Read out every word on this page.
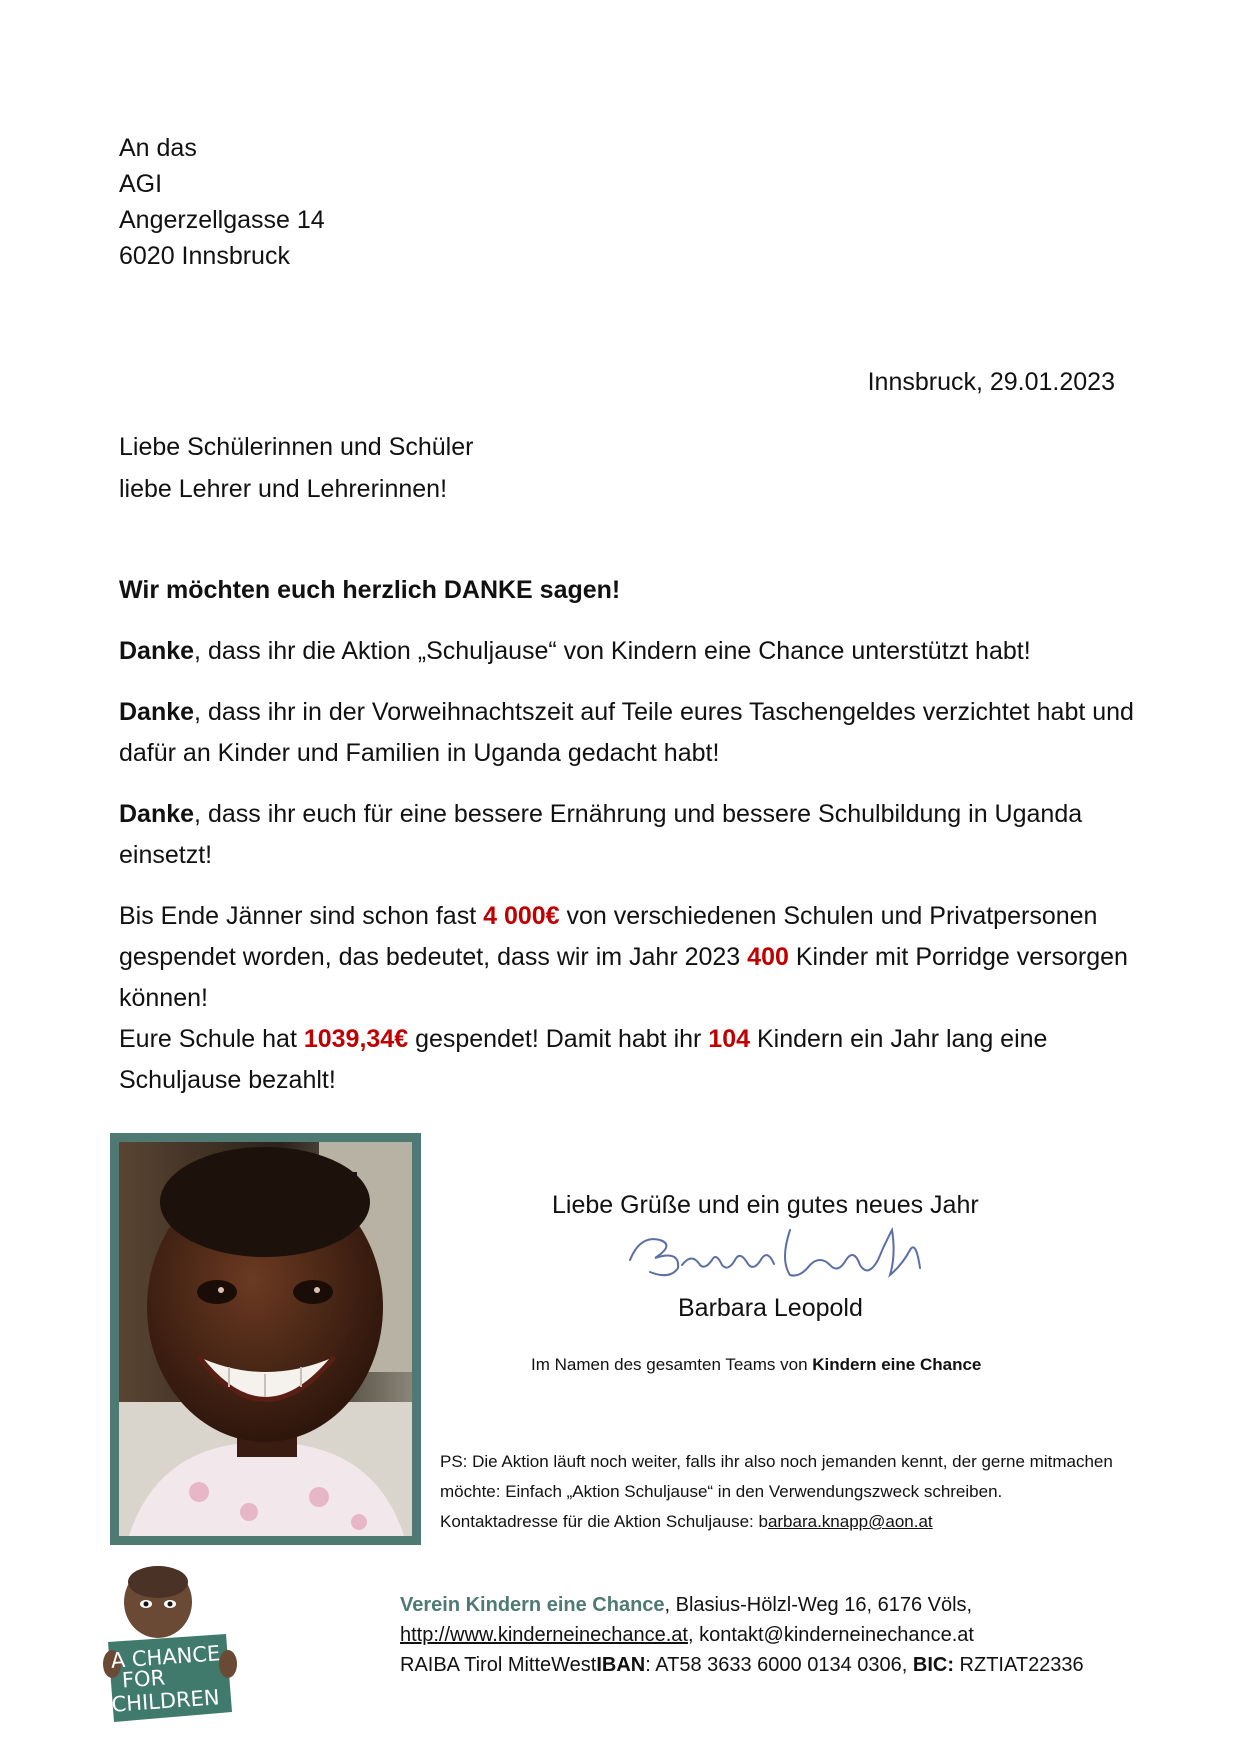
An das
AGI
Angerzellgasse 14
6020 Innsbruck
Innsbruck, 29.01.2023
Liebe Schülerinnen und Schüler
liebe Lehrer und Lehrerinnen!

Wir möchten euch herzlich DANKE sagen!

Danke, dass ihr die Aktion „Schuljause“ von Kindern eine Chance unterstützt habt!

Danke, dass ihr in der Vorweihnachtszeit auf Teile eures Taschengeldes verzichtet habt und dafür an Kinder und Familien in Uganda gedacht habt!

Danke, dass ihr euch für eine bessere Ernährung und bessere Schulbildung in Uganda einsetzt!

Bis Ende Jänner sind schon fast 4 000€ von verschiedenen Schulen und Privatpersonen gespendet worden, das bedeutet, dass wir im Jahr 2023 400 Kinder mit Porridge versorgen können!

Eure Schule hat 1039,34€ gespendet! Damit habt ihr 104 Kindern ein Jahr lang eine Schuljause bezahlt!

Liebe Grüße und ein gutes neues Jahr
Barbara Leopold
Im Namen des gesamten Teams von Kindern eine Chance
PS: Die Aktion läuft noch weiter, falls ihr also noch jemanden kennt, der gerne mitmachen möchte: Einfach „Aktion Schuljause“ in den Verwendungszweck schreiben. Kontaktadresse für die Aktion Schuljause: barbara.knapp@aon.at
A CHANCE
FOR
CHILDREN
Verein Kindern eine Chance, Blasius-Hölzl-Weg 16, 6176 Völs,
http://www.kinderneinechance.at, kontakt@kinderneinechance.at
RAIBA Tirol MitteWestIBAN: AT58 3633 6000 0134 0306, BIC: RZTIAT22336
